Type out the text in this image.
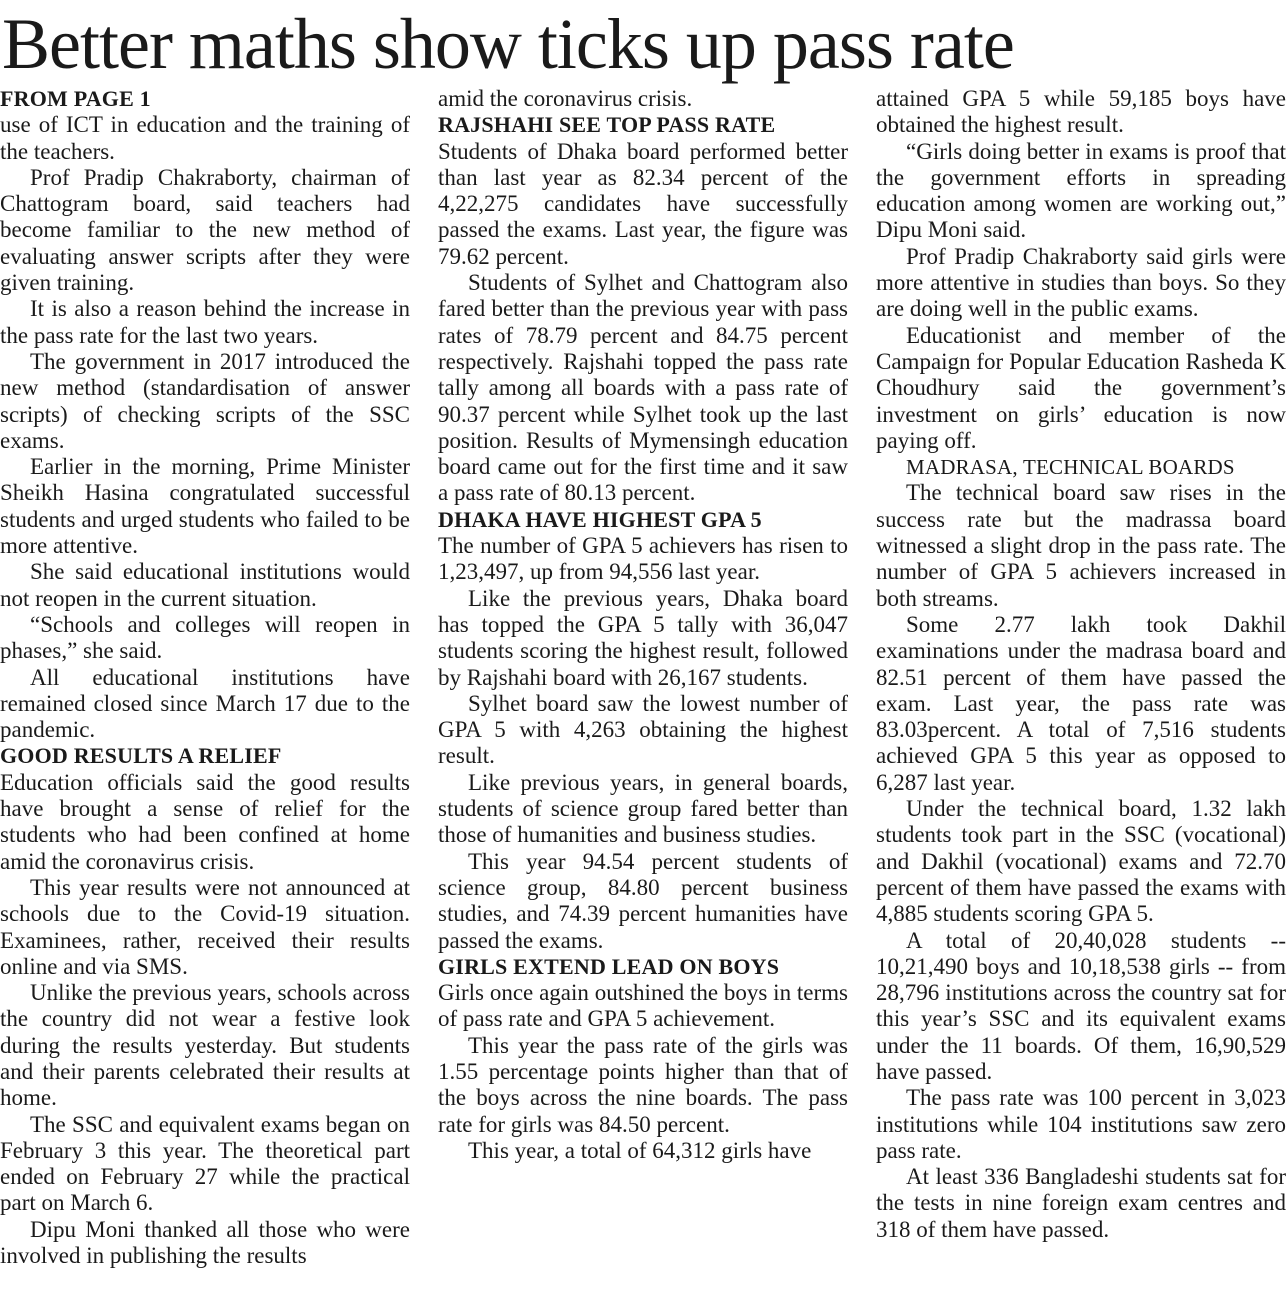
Better maths show ticks up pass rate
FROM PAGE 1

use of ICT in education and the training of the teachers.

Prof Pradip Chakraborty, chairman of Chattogram board, said teachers had become familiar to the new method of evaluating answer scripts after they were given training.

It is also a reason behind the increase in the pass rate for the last two years.

The government in 2017 introduced the new method (standardisation of answer scripts) of checking scripts of the SSC exams.

Earlier in the morning, Prime Minister Sheikh Hasina congratulated successful students and urged students who failed to be more attentive.

She said educational institutions would not reopen in the current situation.

“Schools and colleges will reopen in phases,” she said.

All educational institutions have remained closed since March 17 due to the pandemic.

GOOD RESULTS A RELIEF

Education officials said the good results have brought a sense of relief for the students who had been confined at home amid the coronavirus crisis.

This year results were not announced at schools due to the Covid-19 situation. Examinees, rather, received their results online and via SMS.

Unlike the previous years, schools across the country did not wear a festive look during the results yesterday. But students and their parents celebrated their results at home.

The SSC and equivalent exams began on February 3 this year. The theoretical part ended on February 27 while the practical part on March 6.

Dipu Moni thanked all those who were involved in publishing the results

amid the coronavirus crisis.

RAJSHAHI SEE TOP PASS RATE

Students of Dhaka board performed better than last year as 82.34 percent of the 4,22,275 candidates have successfully passed the exams. Last year, the figure was 79.62 percent.

Students of Sylhet and Chattogram also fared better than the previous year with pass rates of 78.79 percent and 84.75 percent respectively. Rajshahi topped the pass rate tally among all boards with a pass rate of 90.37 percent while Sylhet took up the last position. Results of Mymensingh education board came out for the first time and it saw a pass rate of 80.13 percent.

DHAKA HAVE HIGHEST GPA 5

The number of GPA 5 achievers has risen to 1,23,497, up from 94,556 last year.

Like the previous years, Dhaka board has topped the GPA 5 tally with 36,047 students scoring the highest result, followed by Rajshahi board with 26,167 students.

Sylhet board saw the lowest number of GPA 5 with 4,263 obtaining the highest result.

Like previous years, in general boards, students of science group fared better than those of humanities and business studies.

This year 94.54 percent students of science group, 84.80 percent business studies, and 74.39 percent humanities have passed the exams.

GIRLS EXTEND LEAD ON BOYS

Girls once again outshined the boys in terms of pass rate and GPA 5 achievement.

This year the pass rate of the girls was 1.55 percentage points higher than that of the boys across the nine boards. The pass rate for girls was 84.50 percent.

This year, a total of 64,312 girls have

attained GPA 5 while 59,185 boys have obtained the highest result.

“Girls doing better in exams is proof that the government efforts in spreading education among women are working out,” Dipu Moni said.

Prof Pradip Chakraborty said girls were more attentive in studies than boys. So they are doing well in the public exams.

Educationist and member of the Campaign for Popular Education Rasheda K Choudhury said the government’s investment on girls’ education is now paying off.

MADRASA, TECHNICAL BOARDS

The technical board saw rises in the success rate but the madrassa board witnessed a slight drop in the pass rate. The number of GPA 5 achievers increased in both streams.

Some 2.77 lakh took Dakhil examinations under the madrasa board and 82.51 percent of them have passed the exam. Last year, the pass rate was 83.03percent. A total of 7,516 students achieved GPA 5 this year as opposed to 6,287 last year.

Under the technical board, 1.32 lakh students took part in the SSC (vocational) and Dakhil (vocational) exams and 72.70 percent of them have passed the exams with 4,885 students scoring GPA 5.

A total of 20,40,028 students -- 10,21,490 boys and 10,18,538 girls -- from 28,796 institutions across the country sat for this year’s SSC and its equivalent exams under the 11 boards. Of them, 16,90,529 have passed.

The pass rate was 100 percent in 3,023 institutions while 104 institutions saw zero pass rate.

At least 336 Bangladeshi students sat for the tests in nine foreign exam centres and 318 of them have passed.
